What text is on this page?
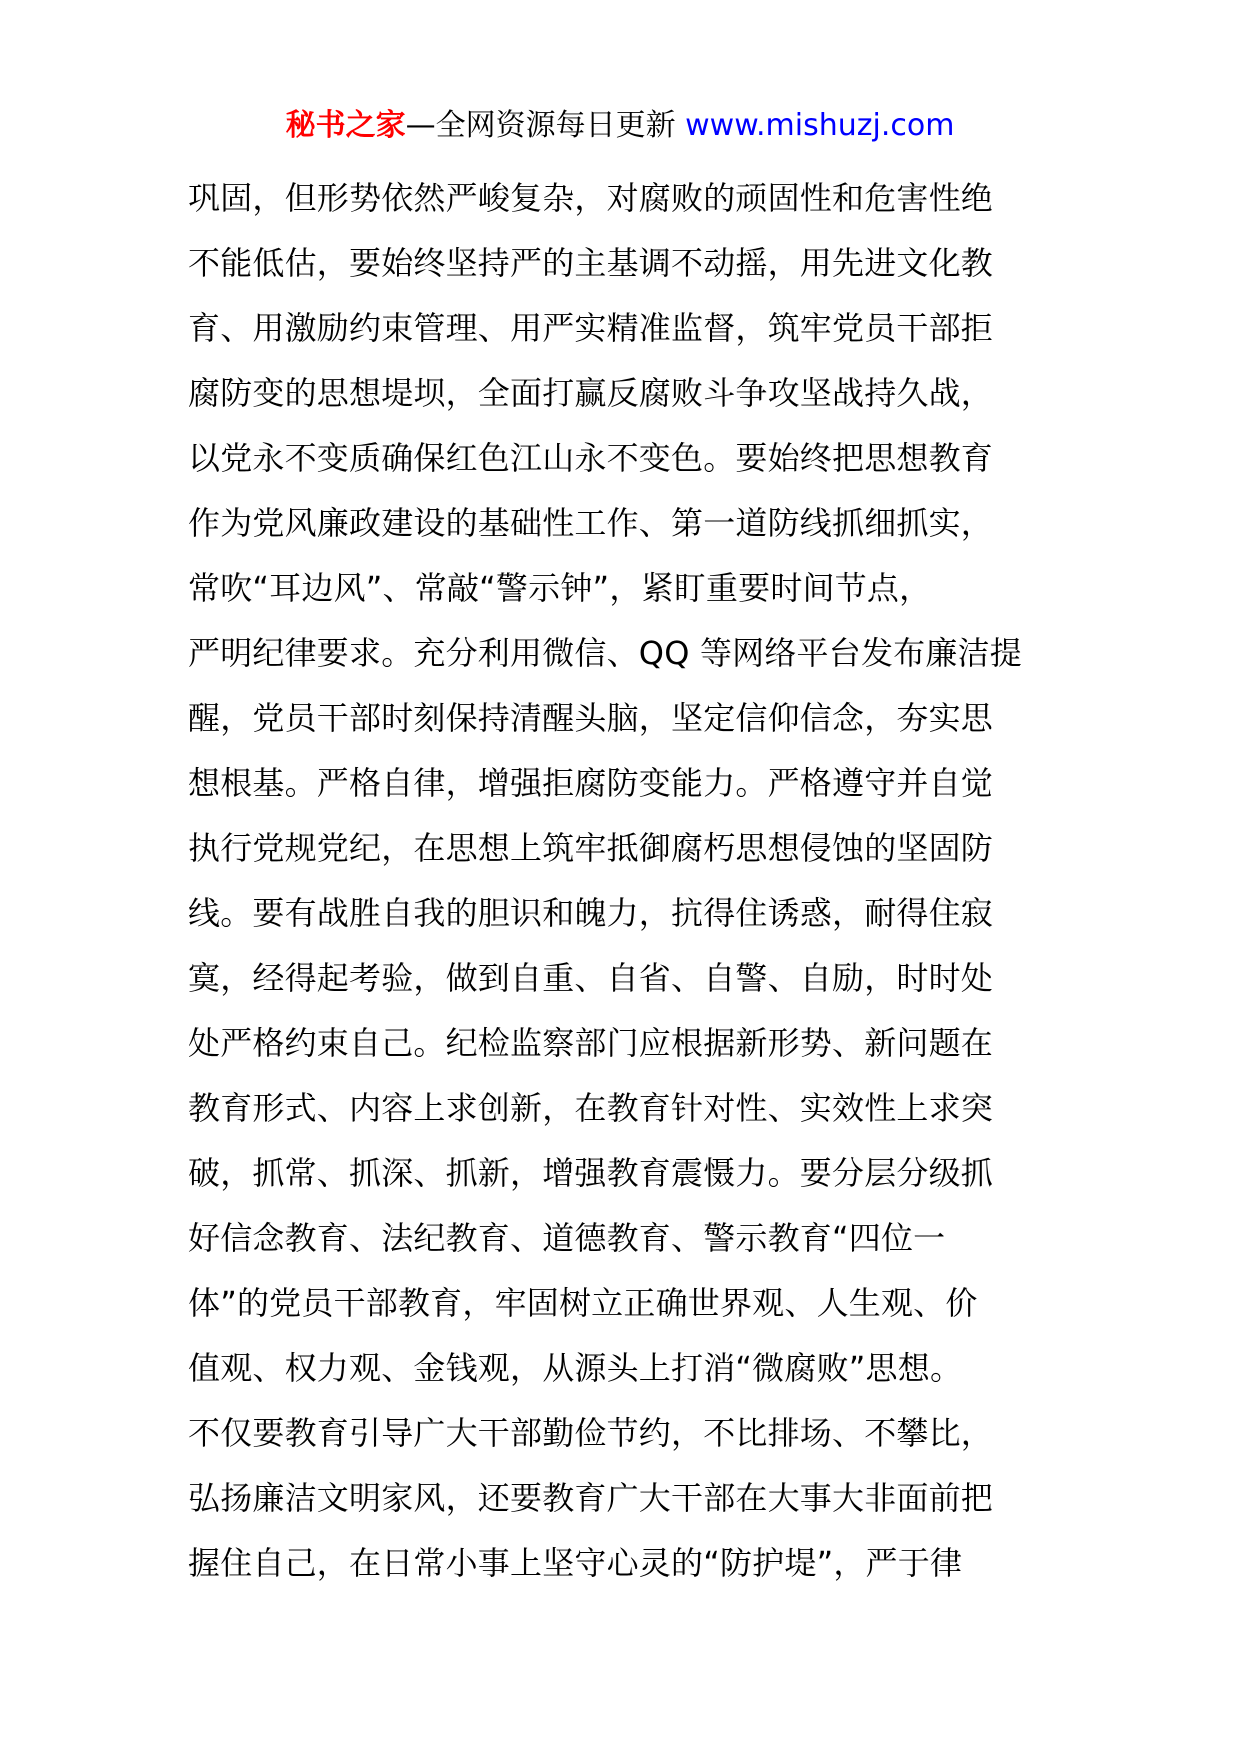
秘书之家—全网资源每日更新 www.mishuzj.com
巩固，但形势依然严峻复杂，对腐败的顽固性和危害性绝
不能低估，要始终坚持严的主基调不动摇，用先进文化教
育、用激励约束管理、用严实精准监督，筑牢党员干部拒
腐防变的思想堤坝，全面打赢反腐败斗争攻坚战持久战，
以党永不变质确保红色江山永不变色。要始终把思想教育
作为党风廉政建设的基础性工作、第一道防线抓细抓实，
常吹“耳边风”、常敲“警示钟”，紧盯重要时间节点，
严明纪律要求。充分利用微信、QQ 等网络平台发布廉洁提
醒，党员干部时刻保持清醒头脑，坚定信仰信念，夯实思
想根基。严格自律，增强拒腐防变能力。严格遵守并自觉
执行党规党纪，在思想上筑牢抵御腐朽思想侵蚀的坚固防
线。要有战胜自我的胆识和魄力，抗得住诱惑，耐得住寂
寞，经得起考验，做到自重、自省、自警、自励，时时处
处严格约束自己。纪检监察部门应根据新形势、新问题在
教育形式、内容上求创新，在教育针对性、实效性上求突
破，抓常、抓深、抓新，增强教育震慑力。要分层分级抓
好信念教育、法纪教育、道德教育、警示教育“四位一
体”的党员干部教育，牢固树立正确世界观、人生观、价
值观、权力观、金钱观，从源头上打消“微腐败”思想。
不仅要教育引导广大干部勤俭节约，不比排场、不攀比，
弘扬廉洁文明家风，还要教育广大干部在大事大非面前把
握住自己，在日常小事上坚守心灵的“防护堤”，严于律
